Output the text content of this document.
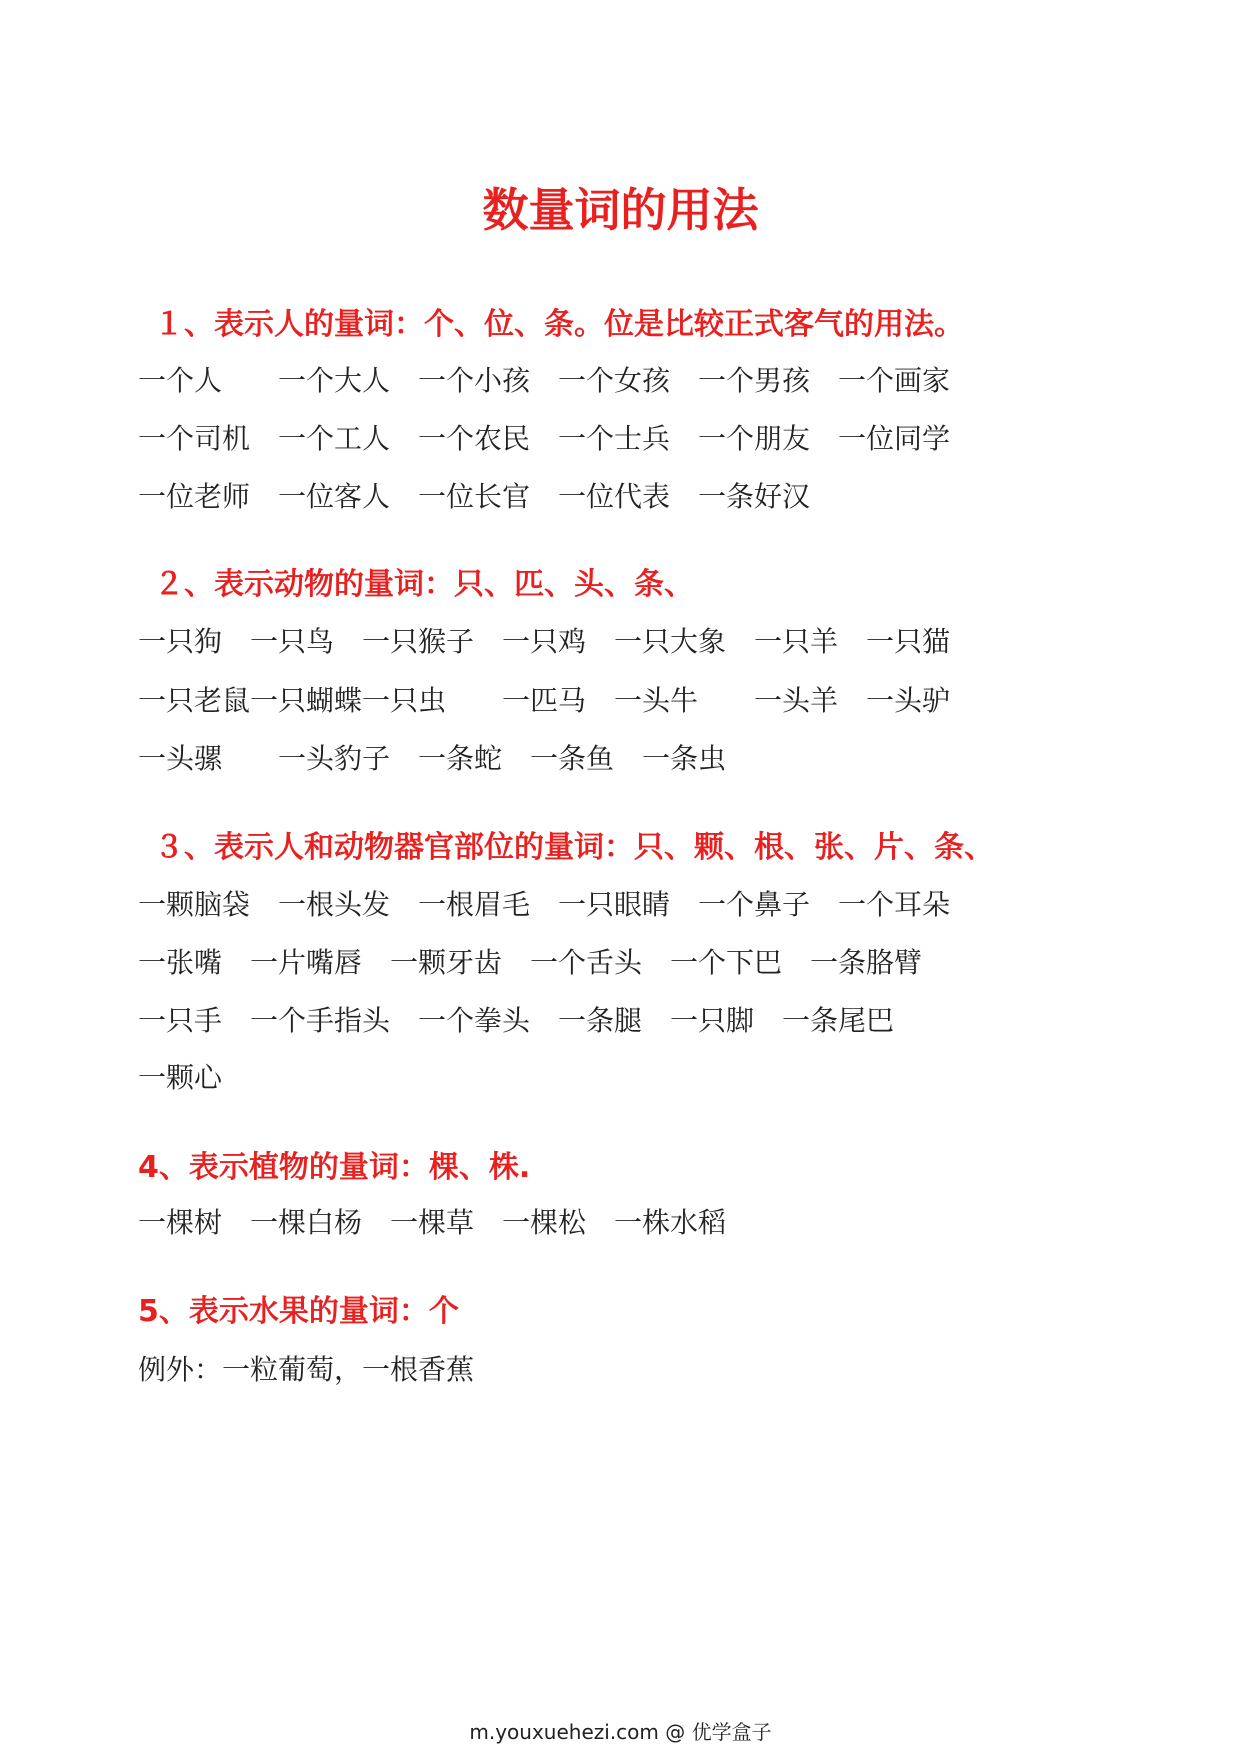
数量词的用法
１、表示人的量词：个、位、条。位是比较正式客气的用法。
一个人 一个大人 一个小孩 一个女孩 一个男孩 一个画家
一个司机 一个工人 一个农民 一个士兵 一个朋友 一位同学
一位老师 一位客人 一位长官 一位代表 一条好汉
２、表示动物的量词：只、匹、头、条、
一只狗 一只鸟 一只猴子 一只鸡 一只大象 一只羊 一只猫
一只老鼠 一只蝴蝶 一只虫 一匹马 一头牛 一头羊 一头驴
一头骡 一头豹子 一条蛇 一条鱼 一条虫
３、表示人和动物器官部位的量词：只、颗、根、张、片、条、
一颗脑袋 一根头发 一根眉毛 一只眼睛 一个鼻子 一个耳朵
一张嘴 一片嘴唇 一颗牙齿 一个舌头 一个下巴 一条胳臂
一只手 一个手指头 一个拳头 一条腿 一只脚 一条尾巴
一颗心
4、表示植物的量词：棵、株.
一棵树 一棵白杨 一棵草 一棵松 一株水稻
5、表示水果的量词：个
例外：一粒葡萄，一根香蕉
m.youxuehezi.com @ 优学盒子
